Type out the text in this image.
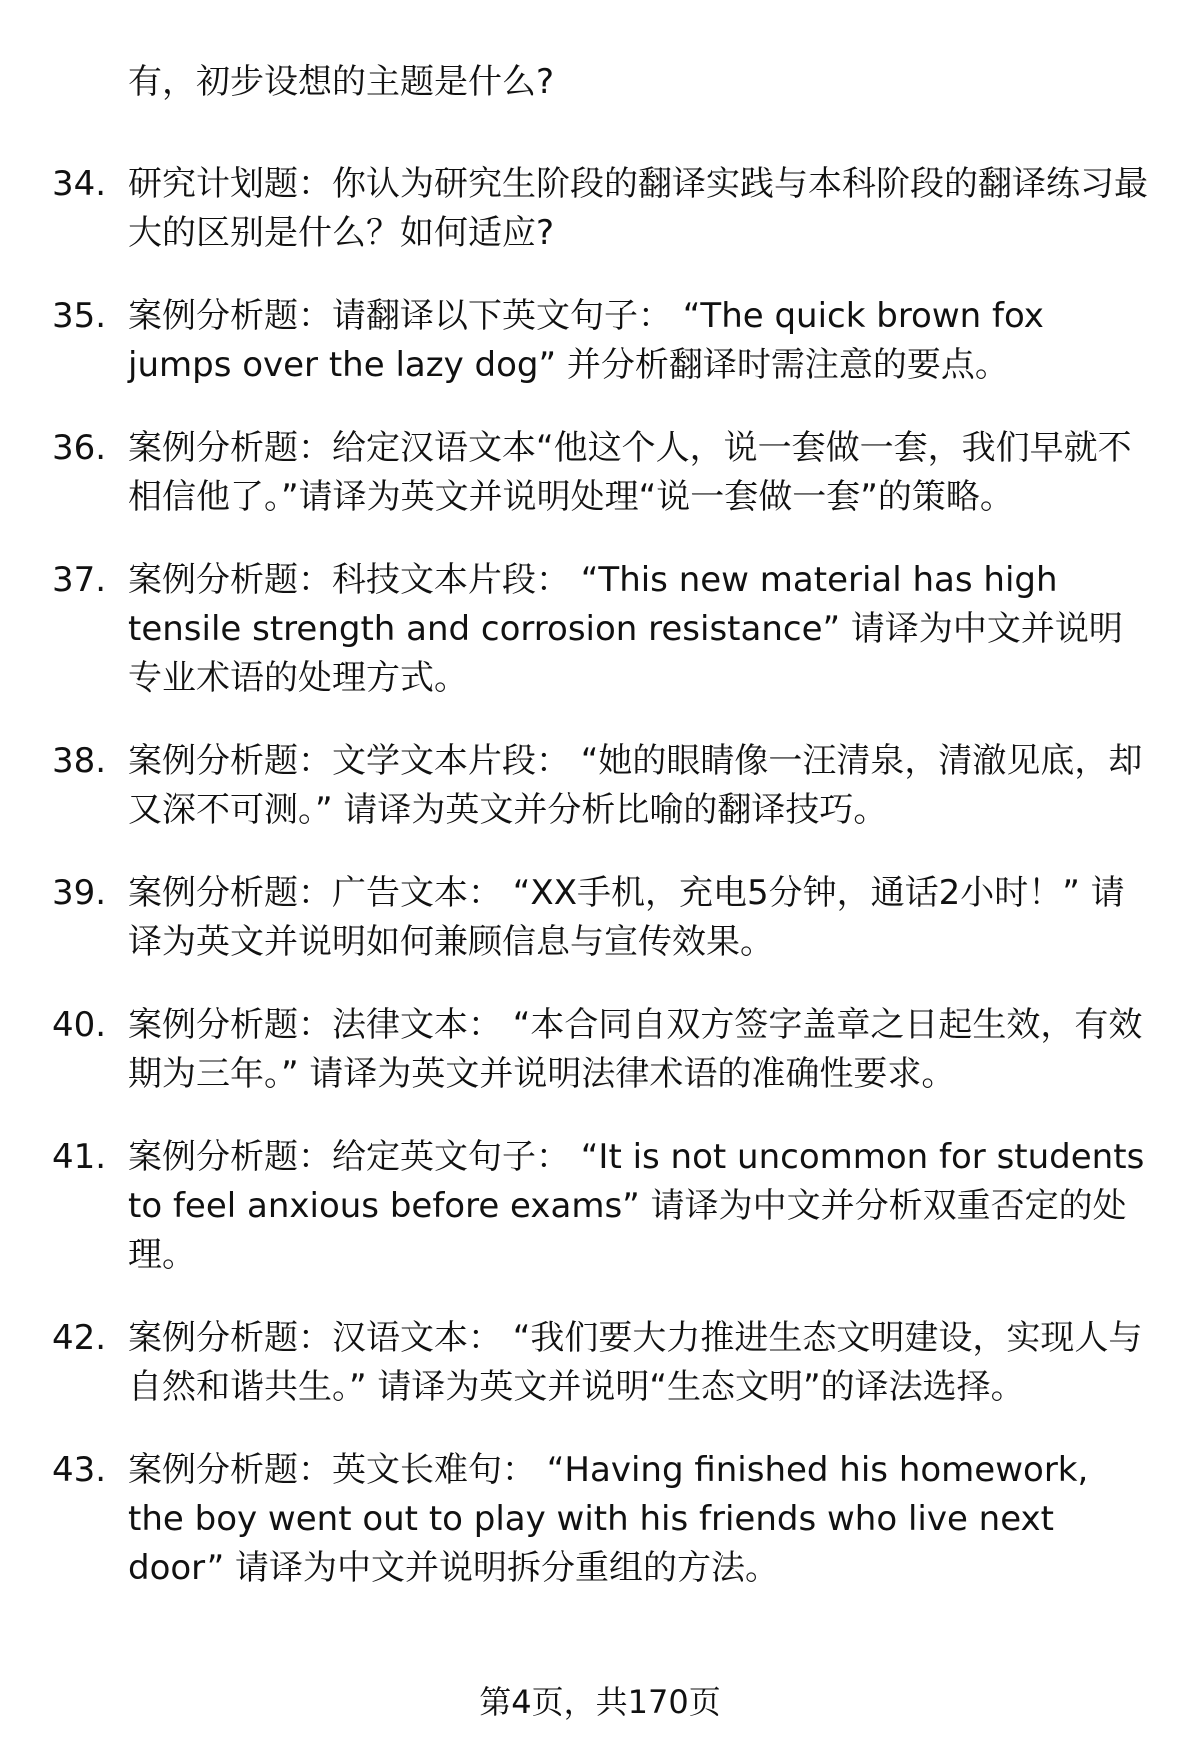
有，初步设想的主题是什么?

34. 研究计划题：你认为研究生阶段的翻译实践与本科阶段的翻译练习最大的区别是什么？如何适应?
35. 案例分析题：请翻译以下英文句子： “The quick brown fox jumps over the lazy dog” 并分析翻译时需注意的要点。
36. 案例分析题：给定汉语文本“他这个人，说一套做一套，我们早就不相信他了。”请译为英文并说明处理“说一套做一套”的策略。
37. 案例分析题：科技文本片段： “This new material has high tensile strength and corrosion resistance” 请译为中文并说明专业术语的处理方式。
38. 案例分析题：文学文本片段： “她的眼睛像一汪清泉，清澈见底，却又深不可测。” 请译为英文并分析比喻的翻译技巧。
39. 案例分析题：广告文本： “XX手机，充电5分钟，通话2小时！” 请译为英文并说明如何兼顾信息与宣传效果。
40. 案例分析题：法律文本： “本合同自双方签字盖章之日起生效，有效期为三年。” 请译为英文并说明法律术语的准确性要求。
41. 案例分析题：给定英文句子： “It is not uncommon for students to feel anxious before exams” 请译为中文并分析双重否定的处理。
42. 案例分析题：汉语文本： “我们要大力推进生态文明建设，实现人与自然和谐共生。” 请译为英文并说明“生态文明”的译法选择。
43. 案例分析题：英文长难句： “Having finished his homework, the boy went out to play with his friends who live next door” 请译为中文并说明拆分重组的方法。
第4页，共170页
